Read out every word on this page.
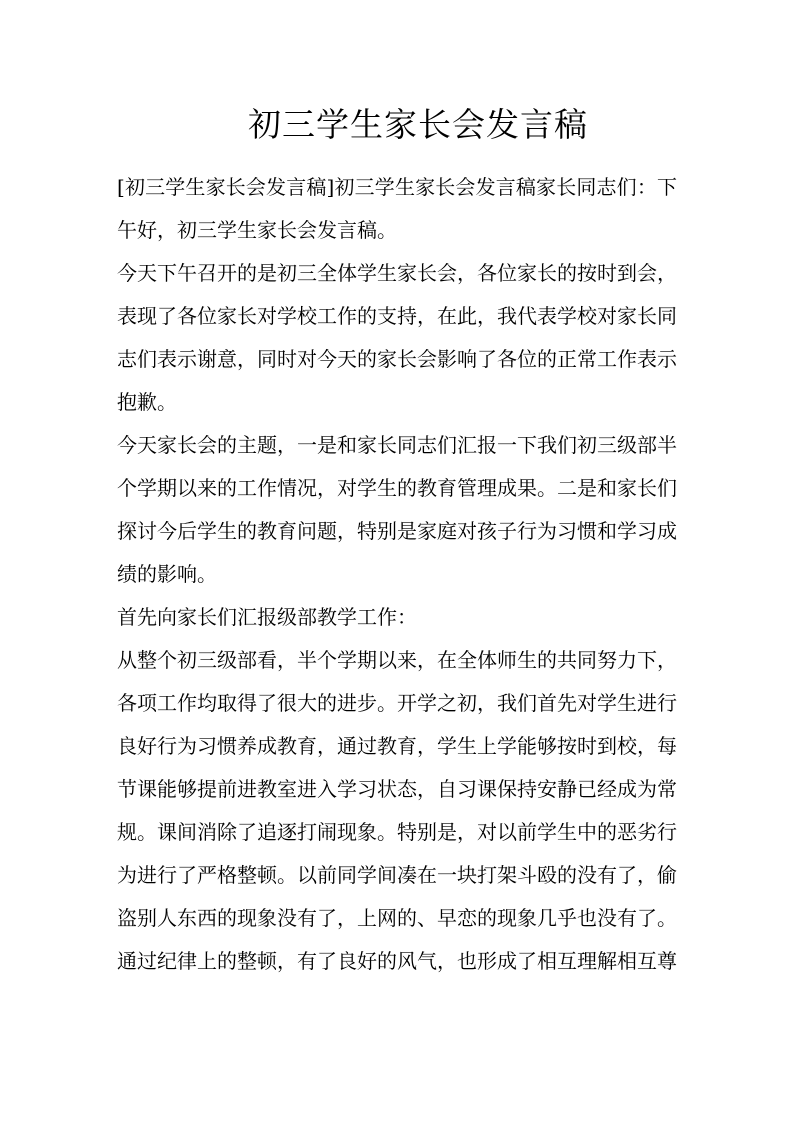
初三学生家长会发言稿

[初三学生家长会发言稿]初三学生家长会发言稿家长同志们：下午好，初三学生家长会发言稿。

今天下午召开的是初三全体学生家长会，各位家长的按时到会，表现了各位家长对学校工作的支持，在此，我代表学校对家长同志们表示谢意，同时对今天的家长会影响了各位的正常工作表示抱歉。

今天家长会的主题，一是和家长同志们汇报一下我们初三级部半个学期以来的工作情况，对学生的教育管理成果。二是和家长们探讨今后学生的教育问题，特别是家庭对孩子行为习惯和学习成绩的影响。

首先向家长们汇报级部教学工作：

从整个初三级部看，半个学期以来，在全体师生的共同努力下，各项工作均取得了很大的进步。开学之初，我们首先对学生进行良好行为习惯养成教育，通过教育，学生上学能够按时到校，每节课能够提前进教室进入学习状态，自习课保持安静已经成为常规。课间消除了追逐打闹现象。特别是，对以前学生中的恶劣行为进行了严格整顿。以前同学间凑在一块打架斗殴的没有了，偷盗别人东西的现象没有了，上网的、早恋的现象几乎也没有了。通过纪律上的整顿，有了良好的风气，也形成了相互理解相互尊
